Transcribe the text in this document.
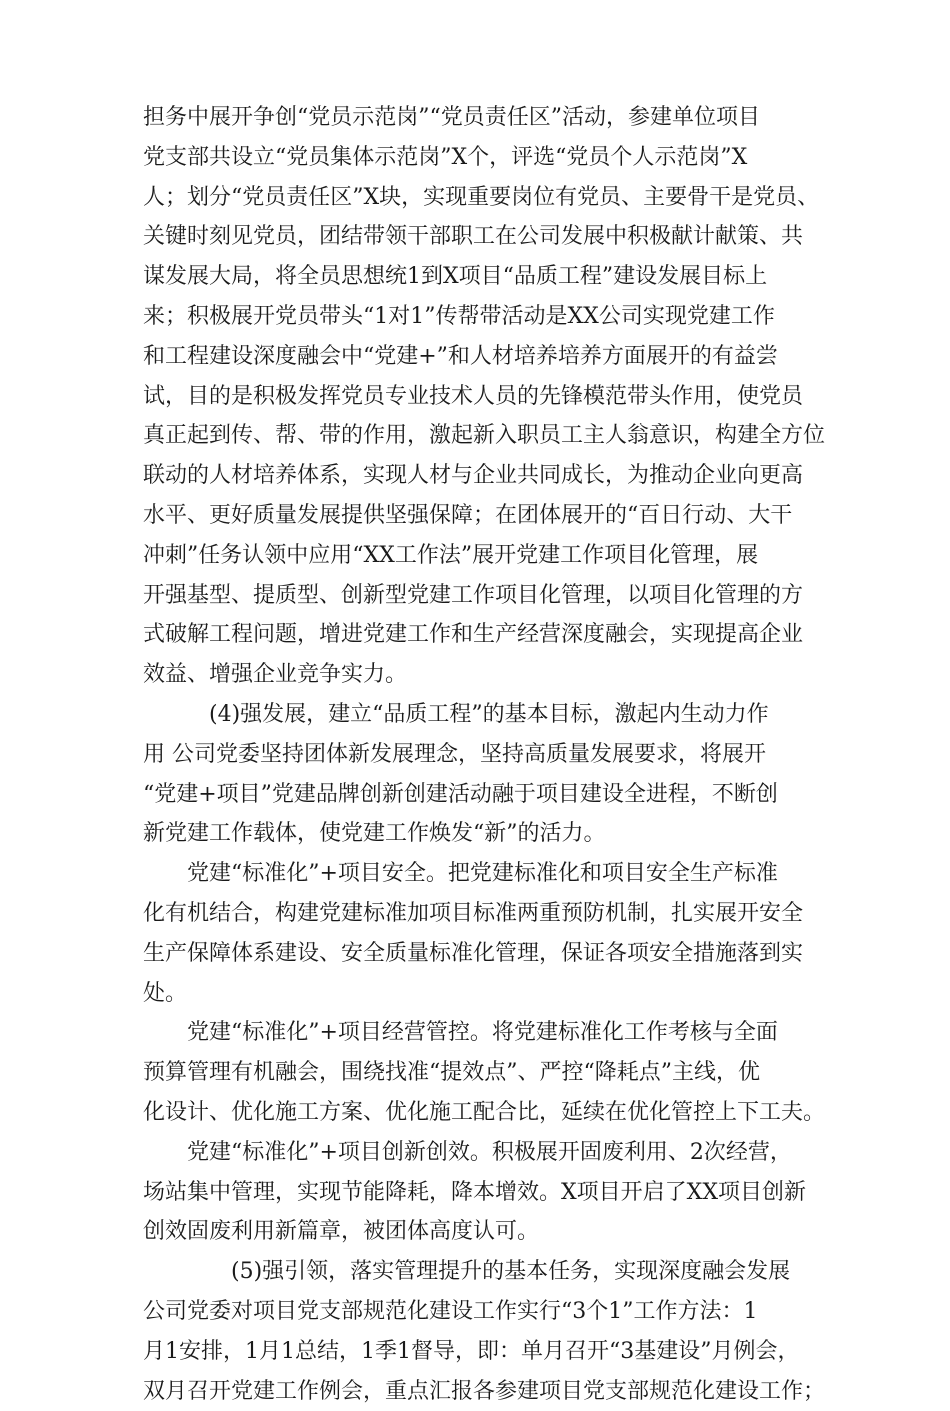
担务中展开争创“党员示范岗”“党员责任区”活动，参建单位项目
党支部共设立“党员集体示范岗”X个，评选“党员个人示范岗”X
人；划分“党员责任区”X块，实现重要岗位有党员、主要骨干是党员、
关键时刻见党员，团结带领干部职工在公司发展中积极献计献策、共
谋发展大局，将全员思想统1到X项目“品质工程”建设发展目标上
来；积极展开党员带头“1对1”传帮带活动是XX公司实现党建工作
和工程建设深度融会中“党建+”和人材培养培养方面展开的有益尝
试，目的是积极发挥党员专业技术人员的先锋模范带头作用，使党员
真正起到传、帮、带的作用，激起新入职员工主人翁意识，构建全方位
联动的人材培养体系，实现人材与企业共同成长，为推动企业向更高
水平、更好质量发展提供坚强保障；在团体展开的“百日行动、大干
冲刺”任务认领中应用“XX工作法”展开党建工作项目化管理，展
开强基型、提质型、创新型党建工作项目化管理，以项目化管理的方
式破解工程问题，增进党建工作和生产经营深度融会，实现提高企业
效益、增强企业竞争实力。
(4)强发展，建立“品质工程”的基本目标，激起内生动力作
用 公司党委坚持团体新发展理念，坚持高质量发展要求，将展开
“党建+项目”党建品牌创新创建活动融于项目建设全进程，不断创
新党建工作载体，使党建工作焕发“新”的活力。
党建“标准化”+项目安全。把党建标准化和项目安全生产标准
化有机结合，构建党建标准加项目标准两重预防机制，扎实展开安全
生产保障体系建设、安全质量标准化管理，保证各项安全措施落到实
处。
党建“标准化”+项目经营管控。将党建标准化工作考核与全面
预算管理有机融会，围绕找准“提效点”、严控“降耗点”主线，优
化设计、优化施工方案、优化施工配合比，延续在优化管控上下工夫。
党建“标准化”+项目创新创效。积极展开固废利用、2次经营，
场站集中管理，实现节能降耗，降本增效。X项目开启了XX项目创新
创效固废利用新篇章，被团体高度认可。
(5)强引领，落实管理提升的基本任务，实现深度融会发展
公司党委对项目党支部规范化建设工作实行“3个1”工作方法：1
月1安排，1月1总结，1季1督导，即：单月召开“3基建设”月例会，
双月召开党建工作例会，重点汇报各参建项目党支部规范化建设工作；
